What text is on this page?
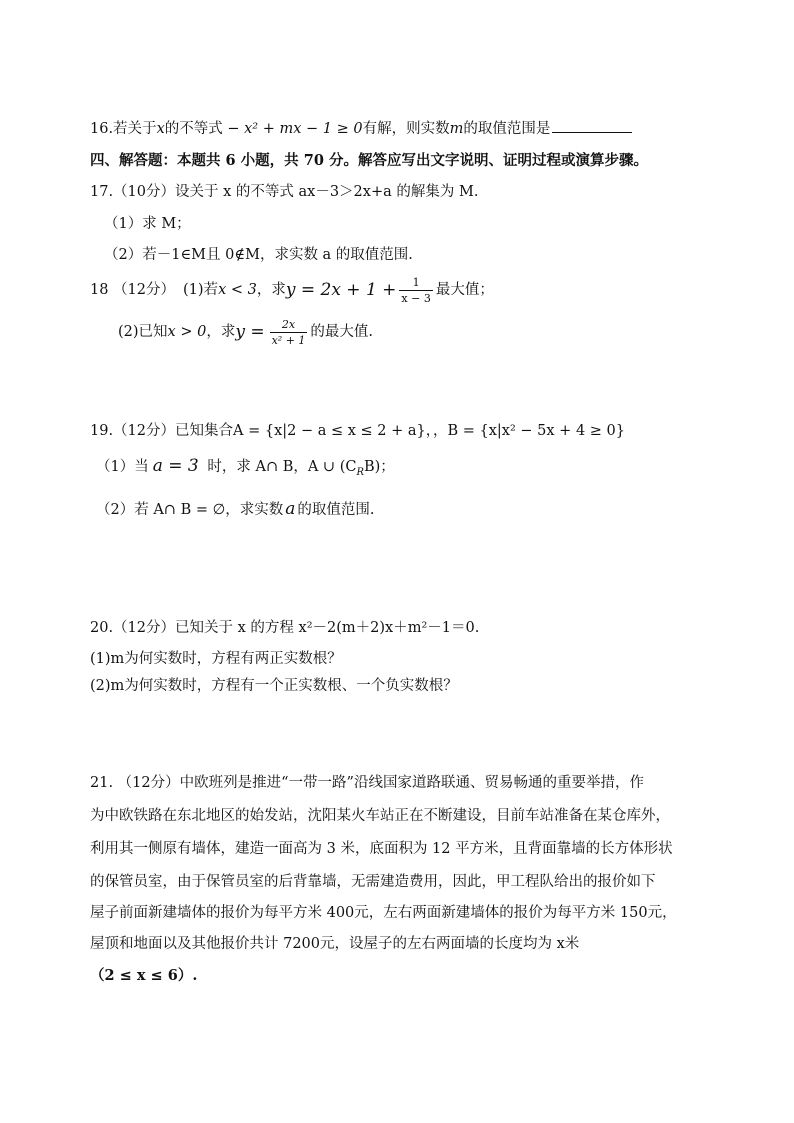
16.若关于x的不等式 − x² + mx − 1 ≥ 0有解，则实数m的取值范围是
四、解答题：本题共 6 小题，共 70 分。解答应写出文字说明、证明过程或演算步骤。
17.（10分）设关于 x 的不等式 ax－3＞2x+a 的解集为 M.
（1）求 M；
（2）若－1∈M且 0∉M，求实数 a 的取值范围.
18 （12分） (1)若 x < 3 ，求 $y = 2x + 1 + \frac{1}{x - 3}$ 最大值；
(2)已知 x > 0 ，求 $y = \frac{2x}{\text{x² + 1}}$ 的最大值.
19.（12分）已知集合A = {x|2 − a ≤ x ≤ 2 + a}，，B = {x|x² − 5x + 4 ≥ 0}
（1）当 a = 3 时，求 A∩ B，A ∪ $(C_RB)$；
（2）若 A∩ B = ∅，求实数 a 的取值范围.
20.（12分）已知关于 x 的方程 x²－2(m＋2)x＋m²－1＝0.
(1)m为何实数时，方程有两正实数根？
(2)m为何实数时，方程有一个正实数根、一个负实数根？
21. （12分）中欧班列是推进“一带一路”沿线国家道路联通、贸易畅通的重要举措，作
为中欧铁路在东北地区的始发站，沈阳某火车站正在不断建设，目前车站准备在某仓库外，
利用其一侧原有墙体，建造一面高为 3 米，底面积为 12 平方米，且背面靠墙的长方体形状
的保管员室，由于保管员室的后背靠墙，无需建造费用，因此，甲工程队给出的报价如下
屋子前面新建墙体的报价为每平方米 400元，左右两面新建墙体的报价为每平方米 150元，
屋顶和地面以及其他报价共计 7200元，设屋子的左右两面墙的长度均为 x米
（2 ≤ x ≤ 6）.
